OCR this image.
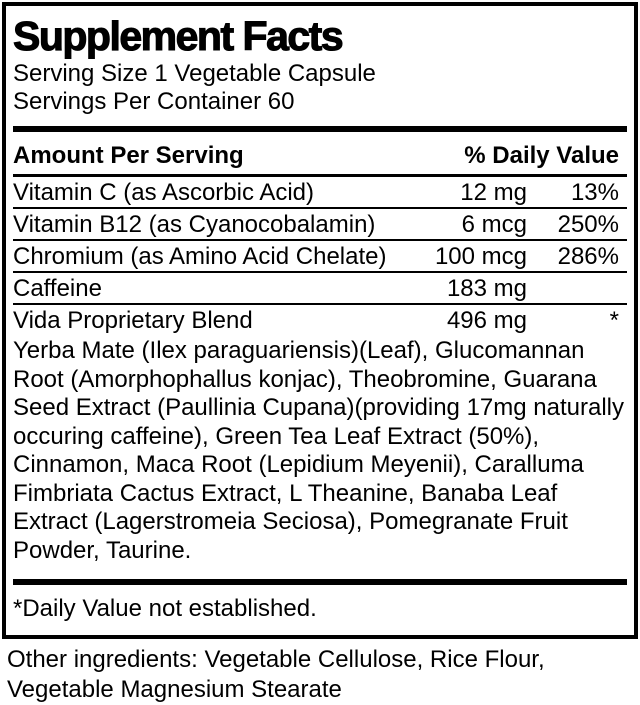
Supplement Facts
Serving Size 1 Vegetable Capsule
Servings Per Container 60
Amount Per Serving	% Daily Value
Vitamin C (as Ascorbic Acid)	12 mg	13%
Vitamin B12 (as Cyanocobalamin)	6 mcg	250%
Chromium (as Amino Acid Chelate)	100 mcg	286%
Caffeine	183 mg
Vida Proprietary Blend	496 mg	*
Yerba Mate (Ilex paraguariensis)(Leaf), Glucomannan Root (Amorphophallus konjac), Theobromine, Guarana Seed Extract (Paullinia Cupana)(providing 17mg naturally occuring caffeine), Green Tea Leaf Extract (50%), Cinnamon, Maca Root (Lepidium Meyenii), Caralluma Fimbriata Cactus Extract, L Theanine, Banaba Leaf Extract (Lagerstromeia Seciosa), Pomegranate Fruit Powder, Taurine.
*Daily Value not established.
Other ingredients: Vegetable Cellulose, Rice Flour, Vegetable Magnesium Stearate
